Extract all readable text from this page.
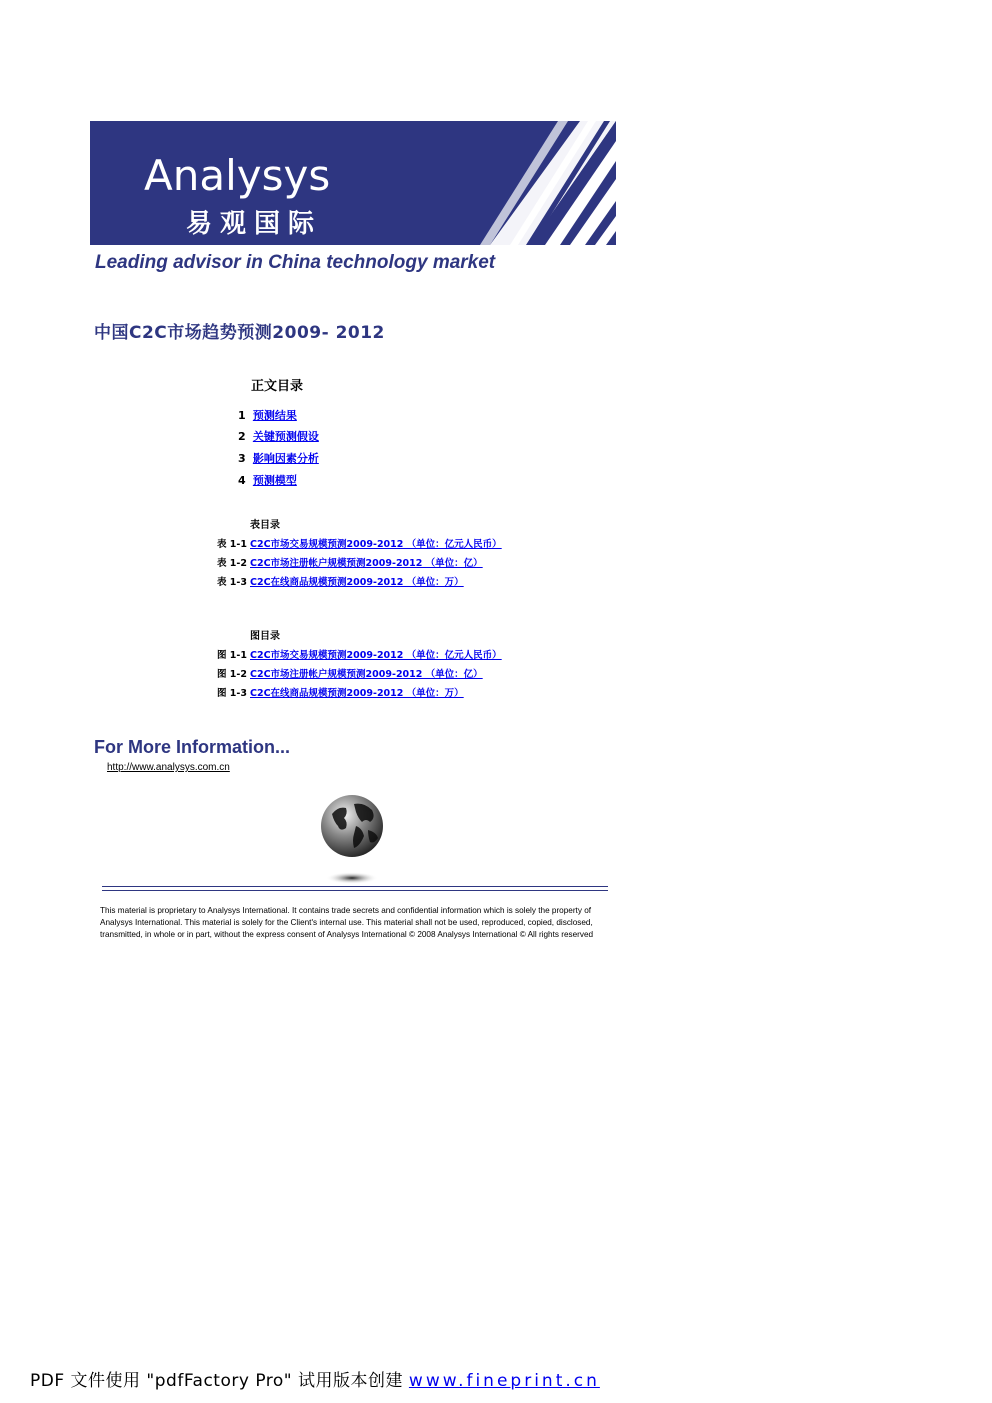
Analysys
易观国际
Leading advisor in China technology market
中国C2C市场趋势预测2009- 2012
正文目录
1 预测结果
2 关键预测假设
3 影响因素分析
4 预测模型
表目录
表 1-1 C2C市场交易规模预测2009-2012 （单位：亿元人民币）
表 1-2 C2C市场注册帐户规模预测2009-2012 （单位：亿）
表 1-3 C2C在线商品规模预测2009-2012 （单位：万）
图目录
图 1-1 C2C市场交易规模预测2009-2012 （单位：亿元人民币）
图 1-2 C2C市场注册帐户规模预测2009-2012 （单位：亿）
图 1-3 C2C在线商品规模预测2009-2012 （单位：万）
For More Information...
http://www.analysys.com.cn
This material is proprietary to Analysys International. It contains trade secrets and confidential information which is solely the property of Analysys International. This material is solely for the Client's internal use. This material shall not be used, reproduced, copied, disclosed, transmitted, in whole or in part, without the express consent of Analysys International © 2008 Analysys International © All rights reserved
PDF 文件使用 "pdfFactory Pro" 试用版本创建 www.fineprint.cn
